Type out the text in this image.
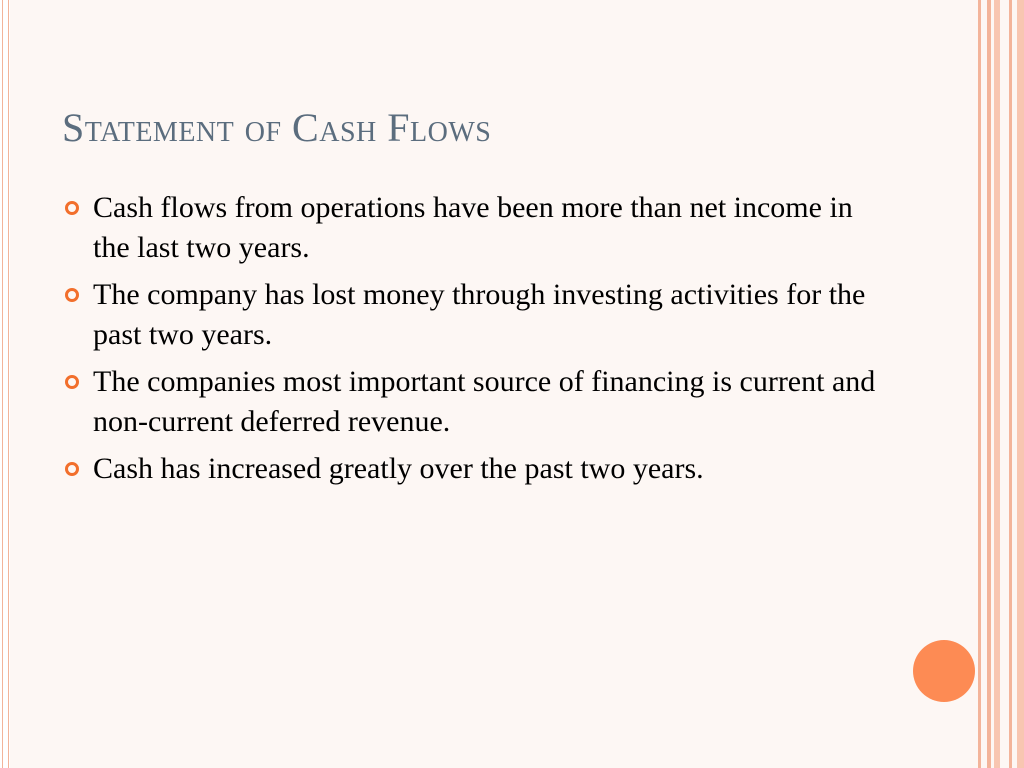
Statement of Cash Flows
Cash flows from operations have been more than net income in the last two years.
The company has lost money through investing activities for the past two years.
The companies most important source of financing is current and non-current deferred revenue.
Cash has increased greatly over the past two years.
